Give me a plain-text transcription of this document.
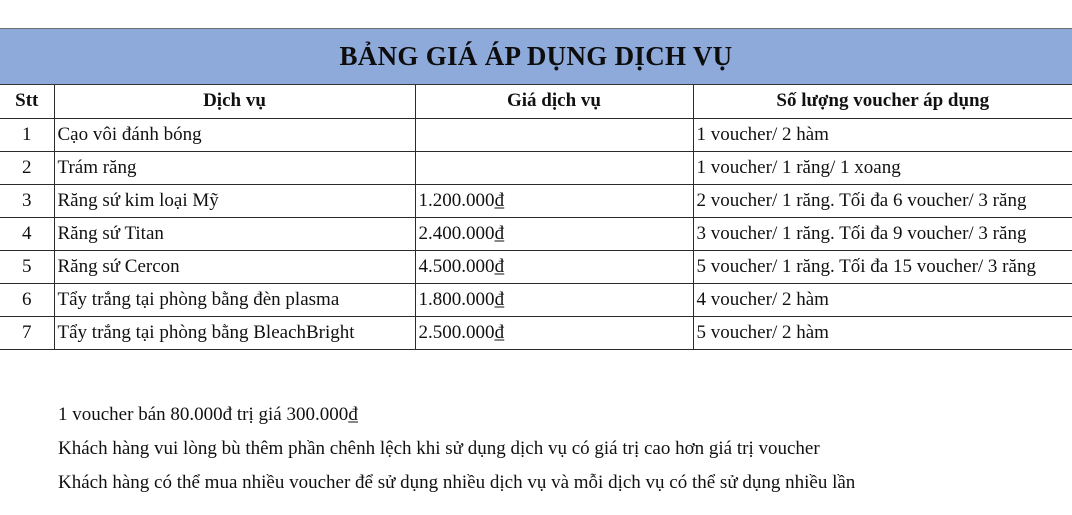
BẢNG GIÁ ÁP DỤNG DỊCH VỤ
Stt	Dịch vụ	Giá dịch vụ	Số lượng voucher áp dụng
1	Cạo vôi đánh bóng		1 voucher/ 2 hàm
2	Trám răng		1 voucher/ 1 răng/ 1 xoang
3	Răng sứ kim loại Mỹ	1.200.000₫	2 voucher/ 1 răng. Tối đa 6 voucher/ 3 răng
4	Răng sứ Titan	2.400.000₫	3 voucher/ 1 răng. Tối đa 9 voucher/ 3 răng
5	Răng sứ Cercon	4.500.000₫	5 voucher/ 1 răng. Tối đa 15 voucher/ 3 răng
6	Tẩy trắng tại phòng bằng đèn plasma	1.800.000₫	4 voucher/ 2 hàm
7	Tẩy trắng tại phòng bằng BleachBright	2.500.000₫	5 voucher/ 2 hàm

1 voucher bán 80.000đ trị giá 300.000₫

Khách hàng vui lòng bù thêm phần chênh lệch khi sử dụng dịch vụ có giá trị cao hơn giá trị voucher

Khách hàng có thể mua nhiều voucher để sử dụng nhiều dịch vụ và mỗi dịch vụ có thể sử dụng nhiều lần
